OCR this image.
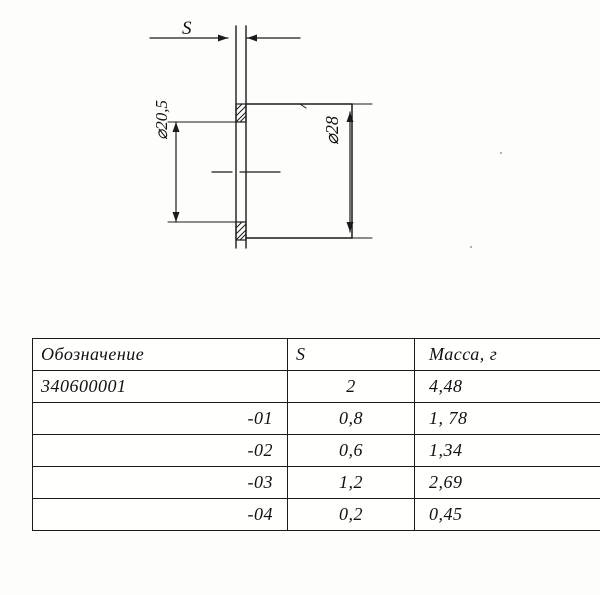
S
⌀20,5	⌀28
Обозначение	S	Масса, г
340600001	2	4,48
-01	0,8	1, 78
-02	0,6	1,34
-03	1,2	2,69
-04	0,2	0,45
